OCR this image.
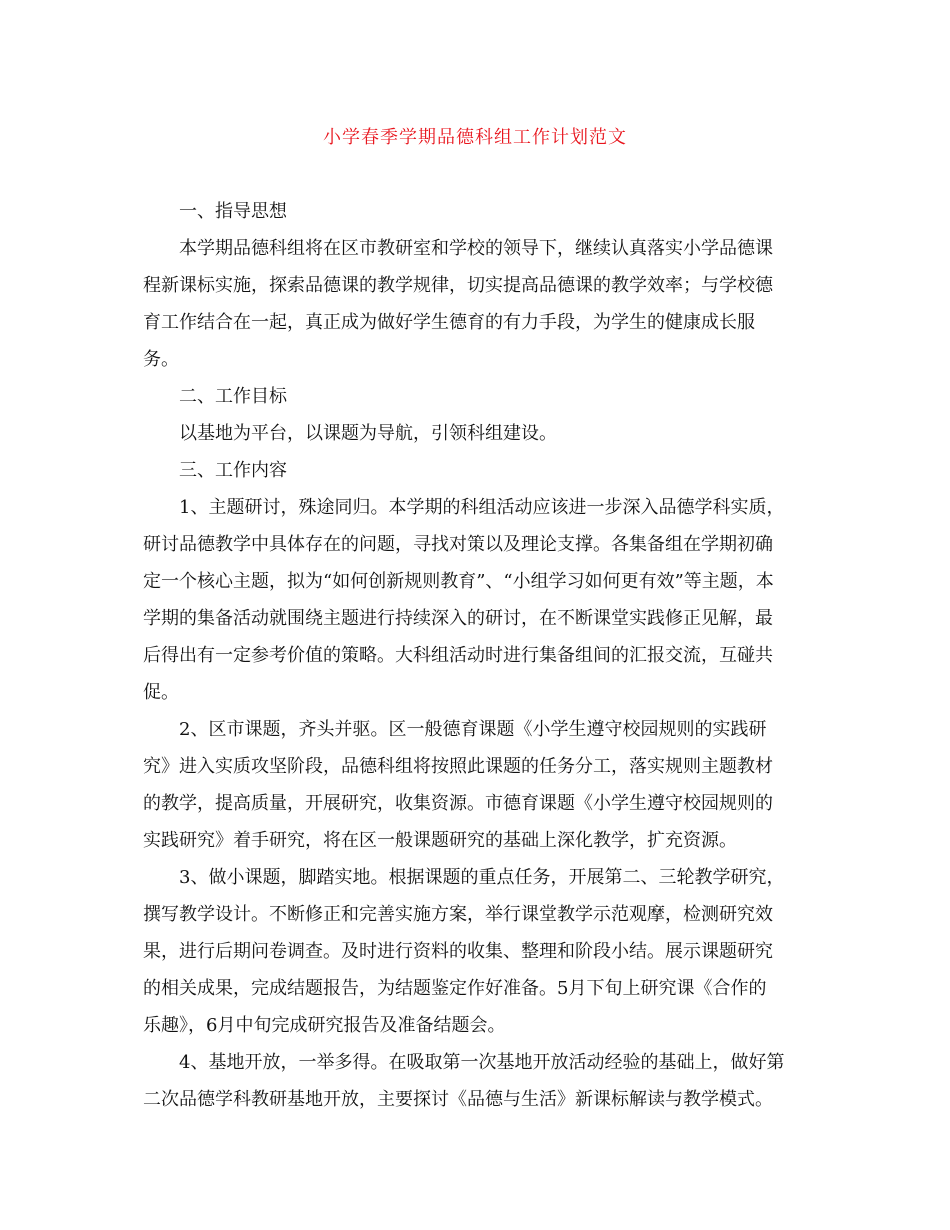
小学春季学期品德科组工作计划范文
一、指导思想
本学期品德科组将在区市教研室和学校的领导下，继续认真落实小学品德课
程新课标实施，探索品德课的教学规律，切实提高品德课的教学效率；与学校德
育工作结合在一起，真正成为做好学生德育的有力手段，为学生的健康成长服
务。
二、工作目标
以基地为平台，以课题为导航，引领科组建设。
三、工作内容
1、主题研讨，殊途同归。本学期的科组活动应该进一步深入品德学科实质，
研讨品德教学中具体存在的问题，寻找对策以及理论支撑。各集备组在学期初确
定一个核心主题，拟为“如何创新规则教育”、“小组学习如何更有效”等主题，本
学期的集备活动就围绕主题进行持续深入的研讨，在不断课堂实践修正见解，最
后得出有一定参考价值的策略。大科组活动时进行集备组间的汇报交流，互碰共
促。
2、区市课题，齐头并驱。区一般德育课题《小学生遵守校园规则的实践研
究》进入实质攻坚阶段，品德科组将按照此课题的任务分工，落实规则主题教材
的教学，提高质量，开展研究，收集资源。市德育课题《小学生遵守校园规则的
实践研究》着手研究，将在区一般课题研究的基础上深化教学，扩充资源。
3、做小课题，脚踏实地。根据课题的重点任务，开展第二、三轮教学研究，
撰写教学设计。不断修正和完善实施方案，举行课堂教学示范观摩，检测研究效
果，进行后期问卷调查。及时进行资料的收集、整理和阶段小结。展示课题研究
的相关成果，完成结题报告，为结题鉴定作好准备。5月下旬上研究课《合作的
乐趣》，6月中旬完成研究报告及准备结题会。
4、基地开放，一举多得。在吸取第一次基地开放活动经验的基础上，做好第
二次品德学科教研基地开放，主要探讨《品德与生活》新课标解读与教学模式。
